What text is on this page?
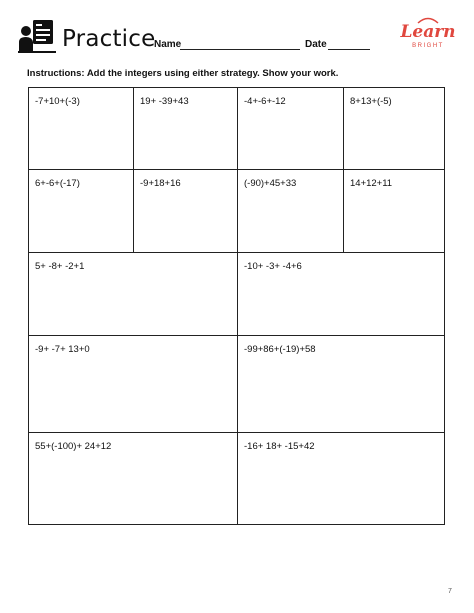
Practice
Name	Date
Learn
BRIGHT
Instructions: Add the integers using either strategy. Show your work.
-7+10+(-3)	19+ -39+43	-4+-6+-12	8+13+(-5)
6+-6+(-17)	-9+18+16	(-90)+45+33	14+12+11
5+ -8+ -2+1	-10+ -3+ -4+6
-9+ -7+ 13+0	-99+86+(-19)+58
55+(-100)+ 24+12	-16+ 18+ -15+42
7
